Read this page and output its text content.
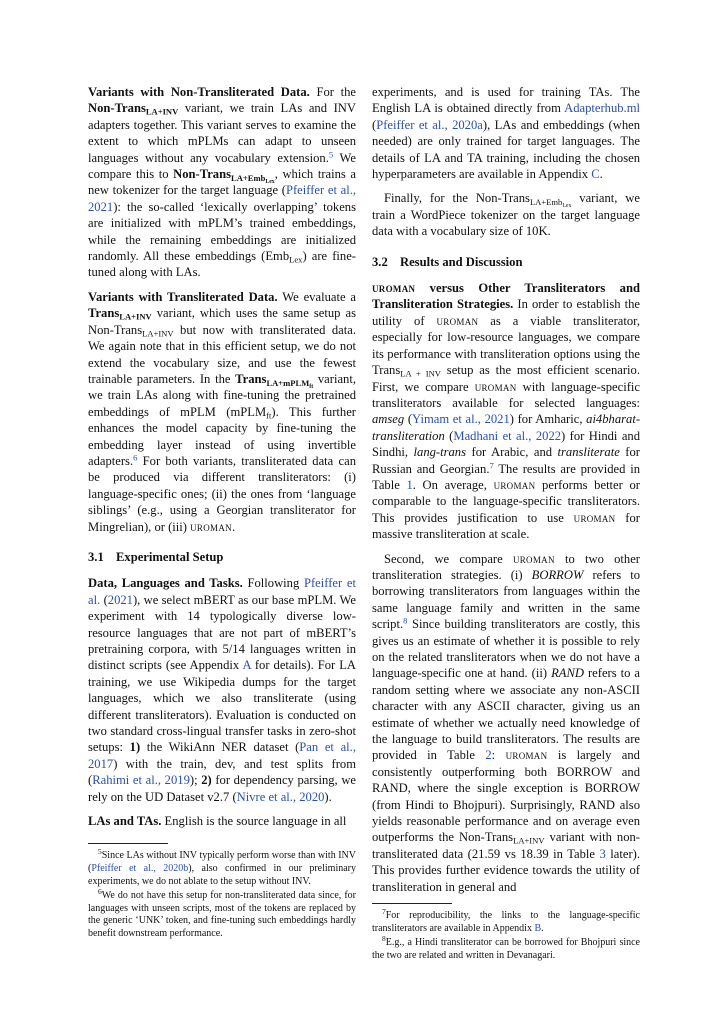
Variants with Non-Transliterated Data. For the Non-Trans$_{LA+INV}$ variant, we train LAs and INV adapters together. This variant serves to examine the extent to which mPLMs can adapt to unseen languages without any vocabulary extension.$^5$ We compare this to Non-Trans$_{LA+Emb_{Lex}}$, which trains a new tokenizer for the target language (Pfeiffer et al., 2021): the so-called ‘lexically overlapping’ tokens are initialized with mPLM’s trained embeddings, while the remaining embeddings are initialized randomly. All these embeddings (Emb$_{Lex}$) are fine-tuned along with LAs.

Variants with Transliterated Data. We evaluate a Trans$_{LA+INV}$ variant, which uses the same setup as Non-Trans$_{LA+INV}$ but now with transliterated data. We again note that in this efficient setup, we do not extend the vocabulary size, and use the fewest trainable parameters. In the Trans$_{LA+mPLM_{ft}}$ variant, we train LAs along with fine-tuning the pretrained embeddings of mPLM (mPLM$_{ft}$). This further enhances the model capacity by fine-tuning the embedding layer instead of using invertible adapters.$^6$ For both variants, transliterated data can be produced via different transliterators: (i) language-specific ones; (ii) the ones from ‘language siblings’ (e.g., using a Georgian transliterator for Mingrelian), or (iii) uroman.

3.1 Experimental Setup

Data, Languages and Tasks. Following Pfeiffer et al. (2021), we select mBERT as our base mPLM. We experiment with 14 typologically diverse low-resource languages that are not part of mBERT’s pretraining corpora, with 5/14 languages written in distinct scripts (see Appendix A for details). For LA training, we use Wikipedia dumps for the target languages, which we also transliterate (using different transliterators). Evaluation is conducted on two standard cross-lingual transfer tasks in zero-shot setups: 1) the WikiAnn NER dataset (Pan et al., 2017) with the train, dev, and test splits from (Rahimi et al., 2019); 2) for dependency parsing, we rely on the UD Dataset v2.7 (Nivre et al., 2020).

LAs and TAs. English is the source language in all

$^5$Since LAs without INV typically perform worse than with INV (Pfeiffer et al., 2020b), also confirmed in our preliminary experiments, we do not ablate to the setup without INV.

$^6$We do not have this setup for non-transliterated data since, for languages with unseen scripts, most of the tokens are replaced by the generic ‘UNK’ token, and fine-tuning such embeddings hardly benefit downstream performance.

experiments, and is used for training TAs. The English LA is obtained directly from Adapterhub.ml (Pfeiffer et al., 2020a), LAs and embeddings (when needed) are only trained for target languages. The details of LA and TA training, including the chosen hyperparameters are available in Appendix C.

Finally, for the Non-Trans$_{LA+Emb_{Lex}}$ variant, we train a WordPiece tokenizer on the target language data with a vocabulary size of 10K.

3.2 Results and Discussion

uroman versus Other Transliterators and Transliteration Strategies. In order to establish the utility of uroman as a viable transliterator, especially for low-resource languages, we compare its performance with transliteration options using the Trans$_{LA + INV}$ setup as the most efficient scenario. First, we compare uroman with language-specific transliterators available for selected languages: amseg (Yimam et al., 2021) for Amharic, ai4bharat-transliteration (Madhani et al., 2022) for Hindi and Sindhi, lang-trans for Arabic, and transliterate for Russian and Georgian.$^7$ The results are provided in Table 1. On average, uroman performs better or comparable to the language-specific transliterators. This provides justification to use uroman for massive transliteration at scale.

Second, we compare uroman to two other transliteration strategies. (i) BORROW refers to borrowing transliterators from languages within the same language family and written in the same script.$^8$ Since building transliterators are costly, this gives us an estimate of whether it is possible to rely on the related transliterators when we do not have a language-specific one at hand. (ii) RAND refers to a random setting where we associate any non-ASCII character with any ASCII character, giving us an estimate of whether we actually need knowledge of the language to build transliterators. The results are provided in Table 2: uroman is largely and consistently outperforming both BORROW and RAND, where the single exception is BORROW (from Hindi to Bhojpuri). Surprisingly, RAND also yields reasonable performance and on average even outperforms the Non-Trans$_{LA+INV}$ variant with non-transliterated data (21.59 vs 18.39 in Table 3 later). This provides further evidence towards the utility of transliteration in general and

$^7$For reproducibility, the links to the language-specific transliterators are available in Appendix B.

$^8$E.g., a Hindi transliterator can be borrowed for Bhojpuri since the two are related and written in Devanagari.
